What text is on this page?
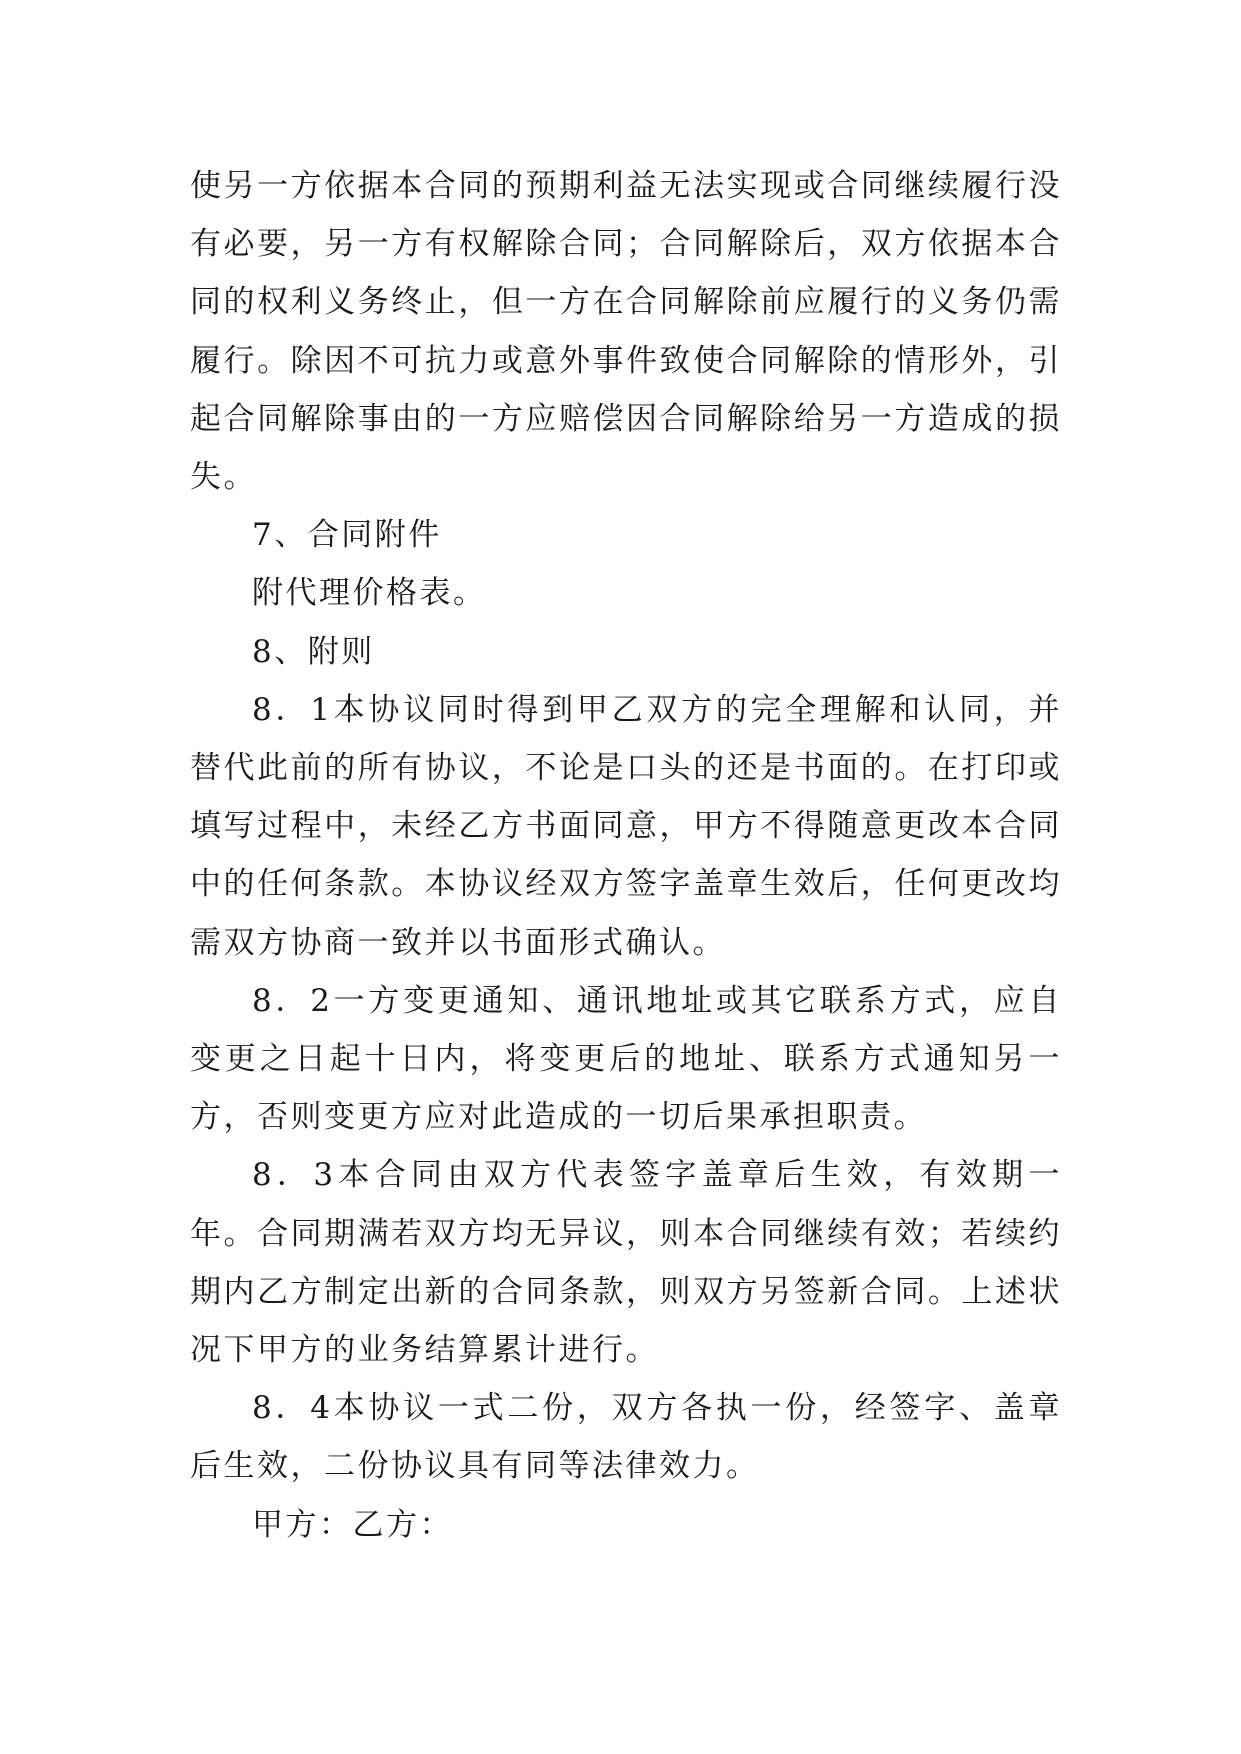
使另一方依据本合同的预期利益无法实现或合同继续履行没有必要，另一方有权解除合同；合同解除后，双方依据本合同的权利义务终止，但一方在合同解除前应履行的义务仍需履行。除因不可抗力或意外事件致使合同解除的情形外，引起合同解除事由的一方应赔偿因合同解除给另一方造成的损失。

7、合同附件

附代理价格表。

8、附则

8．1本协议同时得到甲乙双方的完全理解和认同，并替代此前的所有协议，不论是口头的还是书面的。在打印或填写过程中，未经乙方书面同意，甲方不得随意更改本合同中的任何条款。本协议经双方签字盖章生效后，任何更改均需双方协商一致并以书面形式确认。

8．2一方变更通知、通讯地址或其它联系方式，应自变更之日起十日内，将变更后的地址、联系方式通知另一方，否则变更方应对此造成的一切后果承担职责。

8．3本合同由双方代表签字盖章后生效，有效期一年。合同期满若双方均无异议，则本合同继续有效；若续约期内乙方制定出新的合同条款，则双方另签新合同。上述状况下甲方的业务结算累计进行。

8．4本协议一式二份，双方各执一份，经签字、盖章后生效，二份协议具有同等法律效力。

甲方：乙方：
